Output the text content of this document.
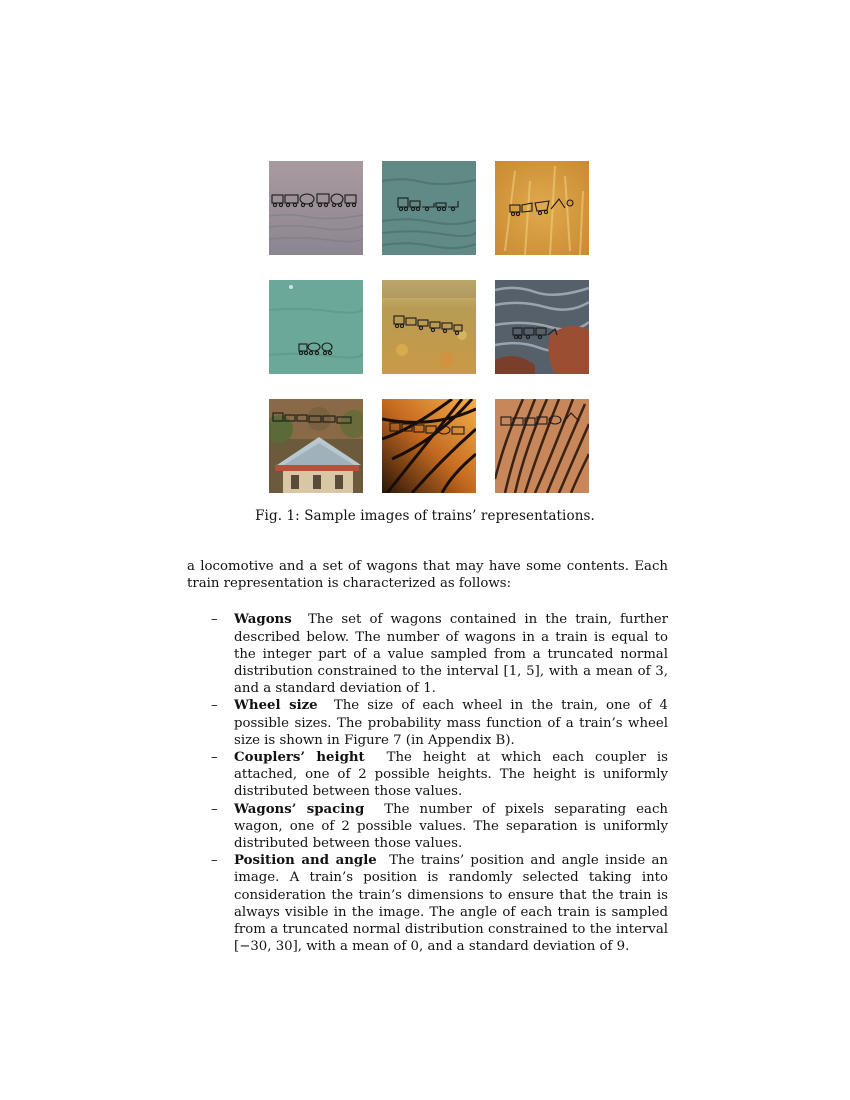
Fig. 1: Sample images of trains’ representations.

a locomotive and a set of wagons that may have some contents. Each train representation is characterized as follows:

– Wagons The set of wagons contained in the train, further described below. The number of wagons in a train is equal to the integer part of a value sampled from a truncated normal distribution constrained to the interval [1, 5], with a mean of 3, and a standard deviation of 1.
– Wheel size The size of each wheel in the train, one of 4 possible sizes. The probability mass function of a train’s wheel size is shown in Figure 7 (in Appendix B).
– Couplers’ height The height at which each coupler is attached, one of 2 possible heights. The height is uniformly distributed between those values.
– Wagons’ spacing The number of pixels separating each wagon, one of 2 possible values. The separation is uniformly distributed between those values.
– Position and angle The trains’ position and angle inside an image. A train’s position is randomly selected taking into consideration the train’s dimensions to ensure that the train is always visible in the image. The angle of each train is sampled from a truncated normal distribution constrained to the interval [−30, 30], with a mean of 0, and a standard deviation of 9.
